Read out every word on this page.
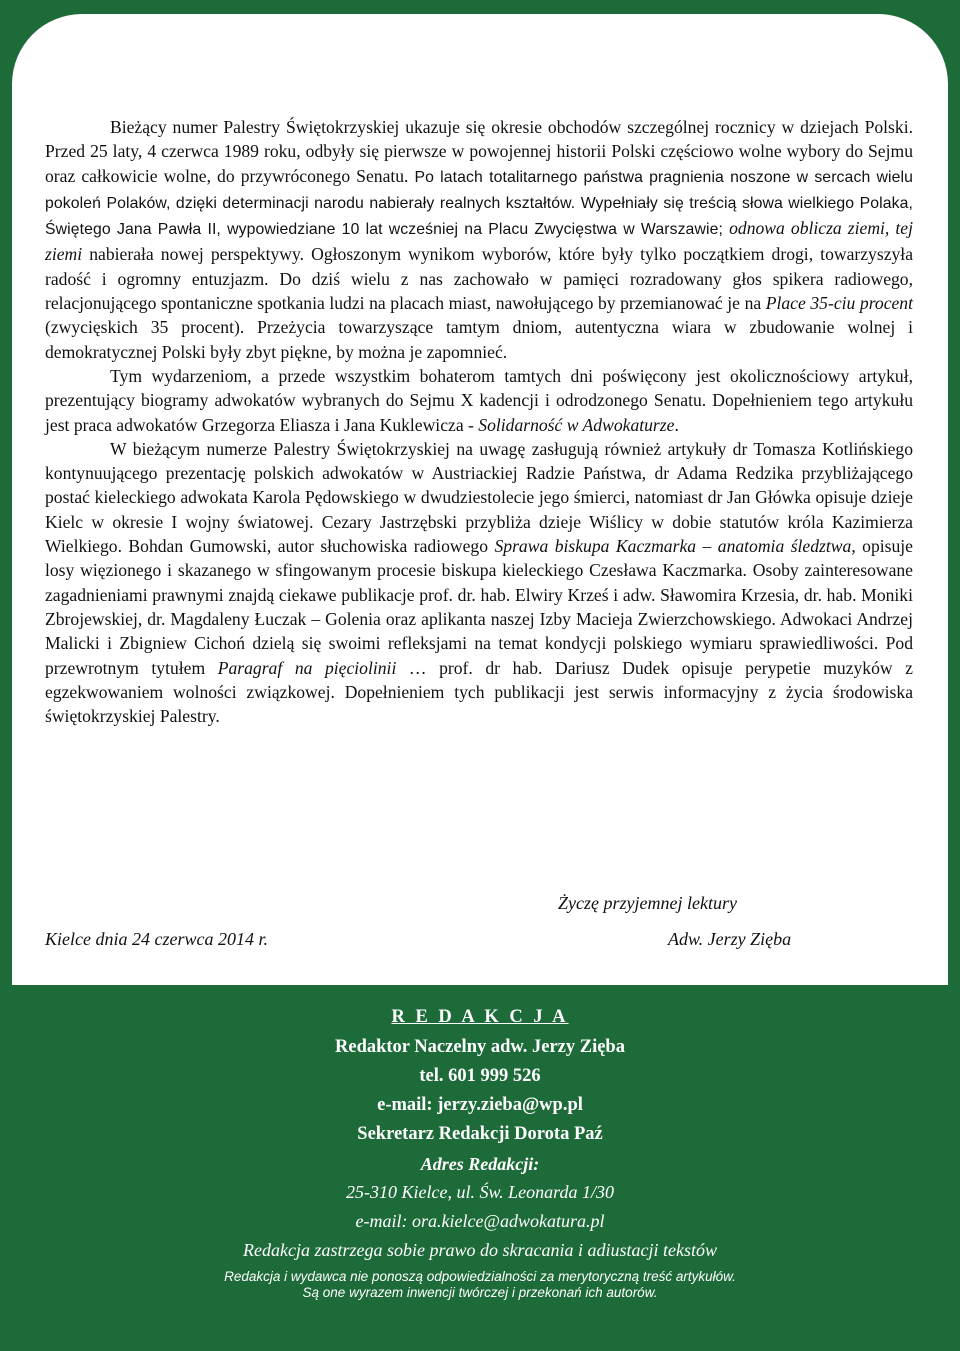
Bieżący numer Palestry Świętokrzyskiej ukazuje się okresie obchodów szczególnej rocznicy w dziejach Polski. Przed 25 laty, 4 czerwca 1989 roku, odbyły się pierwsze w powojennej historii Polski częściowo wolne wybory do Sejmu oraz całkowicie wolne, do przywróconego Senatu. Po latach totalitarnego państwa pragnienia noszone w sercach wielu pokoleń Polaków, dzięki determinacji narodu nabierały realnych kształtów. Wypełniały się treścią słowa wielkiego Polaka, Świętego Jana Pawła II, wypowiedziane 10 lat wcześniej na Placu Zwycięstwa w Warszawie; odnowa oblicza ziemi, tej ziemi nabierała nowej perspektywy. Ogłoszonym wynikom wyborów, które były tylko początkiem drogi, towarzyszyła radość i ogromny entuzjazm. Do dziś wielu z nas zachowało w pamięci rozradowany głos spikera radiowego, relacjonującego spontaniczne spotkania ludzi na placach miast, nawołującego by przemianować je na Place 35-ciu procent (zwycięskich 35 procent). Przeżycia towarzyszące tamtym dniom, autentyczna wiara w zbudowanie wolnej i demokratycznej Polski były zbyt piękne, by można je zapomnieć.

Tym wydarzeniom, a przede wszystkim bohaterom tamtych dni poświęcony jest okolicznościowy artykuł, prezentujący biogramy adwokatów wybranych do Sejmu X kadencji i odrodzonego Senatu. Dopełnieniem tego artykułu jest praca adwokatów Grzegorza Eliasza i Jana Kuklewicza - Solidarność w Adwokaturze.

W bieżącym numerze Palestry Świętokrzyskiej na uwagę zasługują również artykuły dr Tomasza Kotlińskiego kontynuującego prezentację polskich adwokatów w Austriackiej Radzie Państwa, dr Adama Redzika przybliżającego postać kieleckiego adwokata Karola Pędowskiego w dwudziestolecie jego śmierci, natomiast dr Jan Główka opisuje dzieje Kielc w okresie I wojny światowej. Cezary Jastrzębski przybliża dzieje Wiślicy w dobie statutów króla Kazimierza Wielkiego. Bohdan Gumowski, autor słuchowiska radiowego Sprawa biskupa Kaczmarka – anatomia śledztwa, opisuje losy więzionego i skazanego w sfingowanym procesie biskupa kieleckiego Czesława Kaczmarka. Osoby zainteresowane zagadnieniami prawnymi znajdą ciekawe publikacje prof. dr. hab. Elwiry Krześ i adw. Sławomira Krzesia, dr. hab. Moniki Zbrojewskiej, dr. Magdaleny Łuczak – Golenia oraz aplikanta naszej Izby Macieja Zwierzchowskiego. Adwokaci Andrzej Malicki i Zbigniew Cichoń dzielą się swoimi refleksjami na temat kondycji polskiego wymiaru sprawiedliwości. Pod przewrotnym tytułem Paragraf na pięciolinii … prof. dr hab. Dariusz Dudek opisuje perypetie muzyków z egzekwowaniem wolności związkowej. Dopełnieniem tych publikacji jest serwis informacyjny z życia środowiska świętokrzyskiej Palestry.

Życzę przyjemnej lektury
Kielce dnia 24 czerwca 2014 r.	Adw. Jerzy Zięba
R E D A K C J A
Redaktor Naczelny adw. Jerzy Zięba
tel. 601 999 526
e-mail: jerzy.zieba@wp.pl
Sekretarz Redakcji Dorota Paź
Adres Redakcji:
25-310 Kielce, ul. Św. Leonarda 1/30
e-mail: ora.kielce@adwokatura.pl
Redakcja zastrzega sobie prawo do skracania i adiustacji tekstów
Redakcja i wydawca nie ponoszą odpowiedzialności za merytoryczną treść artykułów.
Są one wyrazem inwencji twórczej i przekonań ich autorów.
